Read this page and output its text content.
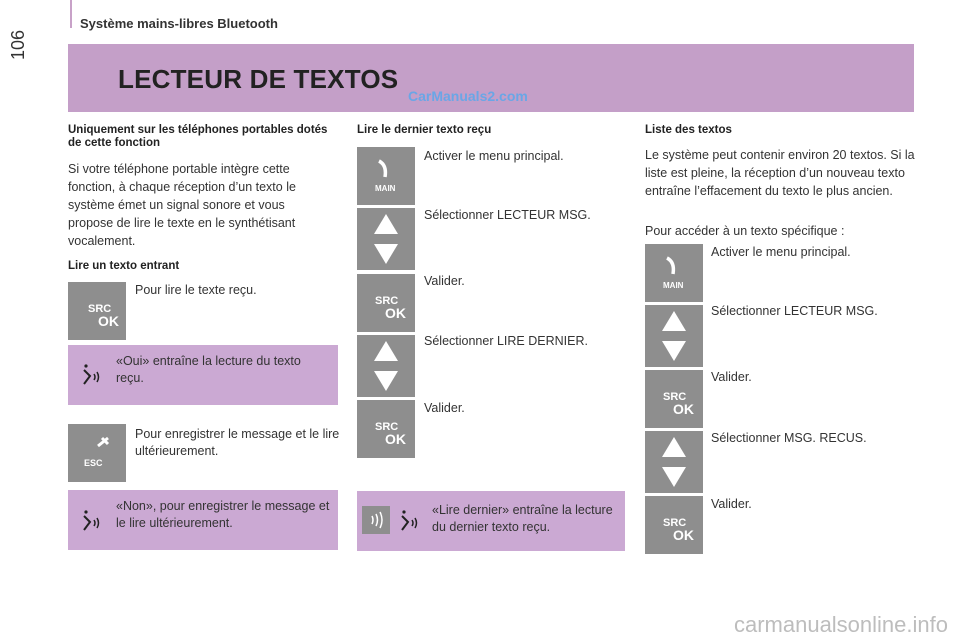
106
Système mains-libres Bluetooth
LECTEUR DE TEXTOS
CarManuals2.com
Uniquement sur les téléphones portables dotés de cette fonction
Si votre téléphone portable intègre cette fonction, à chaque réception d’un texto le système émet un signal sonore et vous propose de lire le texte en le synthétisant vocalement.
Lire un texto entrant
SRC
OK
Pour lire le texte reçu.
«Oui» entraîne la lecture du texto reçu.
ESC
Pour enregistrer le message et le lire ultérieurement.
«Non», pour enregistrer le message et le lire ultérieurement.
Lire le dernier texto reçu
MAIN
Activer le menu principal.
Sélectionner LECTEUR MSG.
SRC
OK
Valider.
Sélectionner LIRE DERNIER.
SRC
OK
Valider.
«Lire dernier» entraîne la lecture du dernier texto reçu.
Liste des textos
Le système peut contenir environ 20 textos. Si la liste est pleine, la réception d’un nouveau texto entraîne l’effacement du texto le plus ancien.
Pour accéder à un texto spécifique :
MAIN
Activer le menu principal.
Sélectionner LECTEUR MSG.
SRC
OK
Valider.
Sélectionner MSG. RECUS.
SRC
OK
Valider.
carmanualsonline.info
